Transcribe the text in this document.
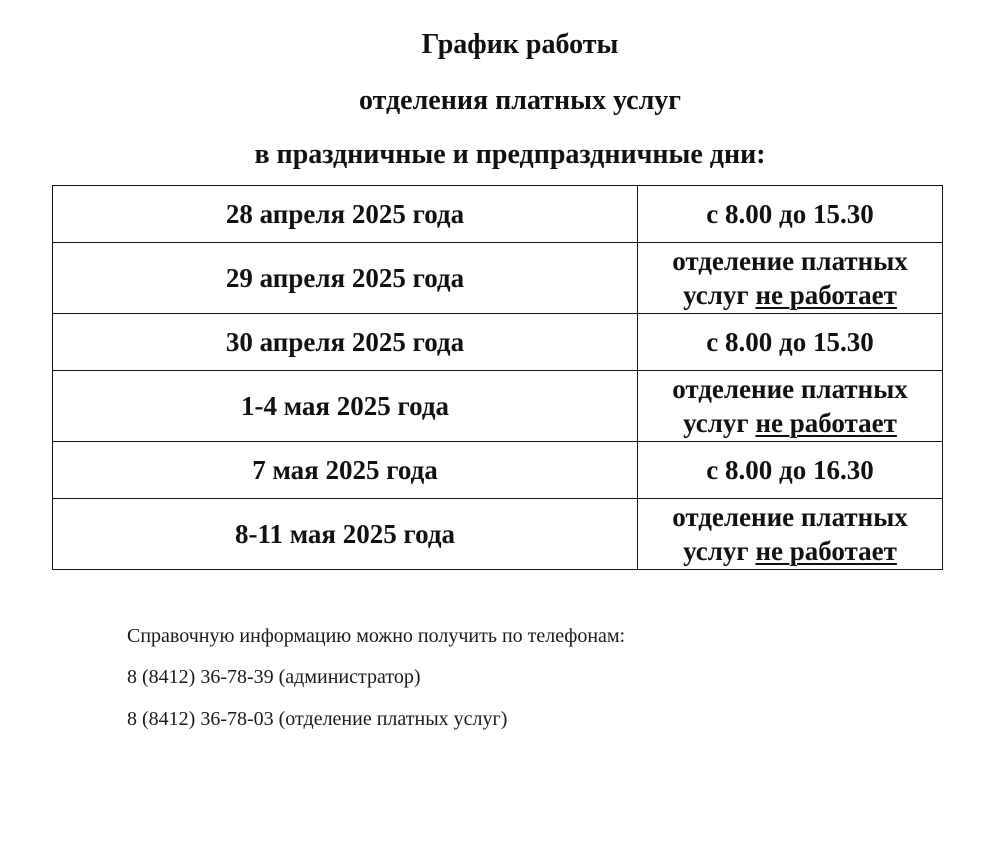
График работы
отделения платных услуг
в праздничные и предпраздничные дни:
28 апреля 2025 года	с 8.00 до 15.30
29 апреля 2025 года	отделение платных услуг не работает

30 апреля 2025 года	с 8.00 до 15.30
1-4 мая 2025 года	отделение платных услуг не работает

7 мая 2025 года	с 8.00 до 16.30
8-11 мая 2025 года	отделение платных услуг не работает
Справочную информацию можно получить по телефонам:
8 (8412) 36-78-39 (администратор)
8 (8412) 36-78-03 (отделение платных услуг)
